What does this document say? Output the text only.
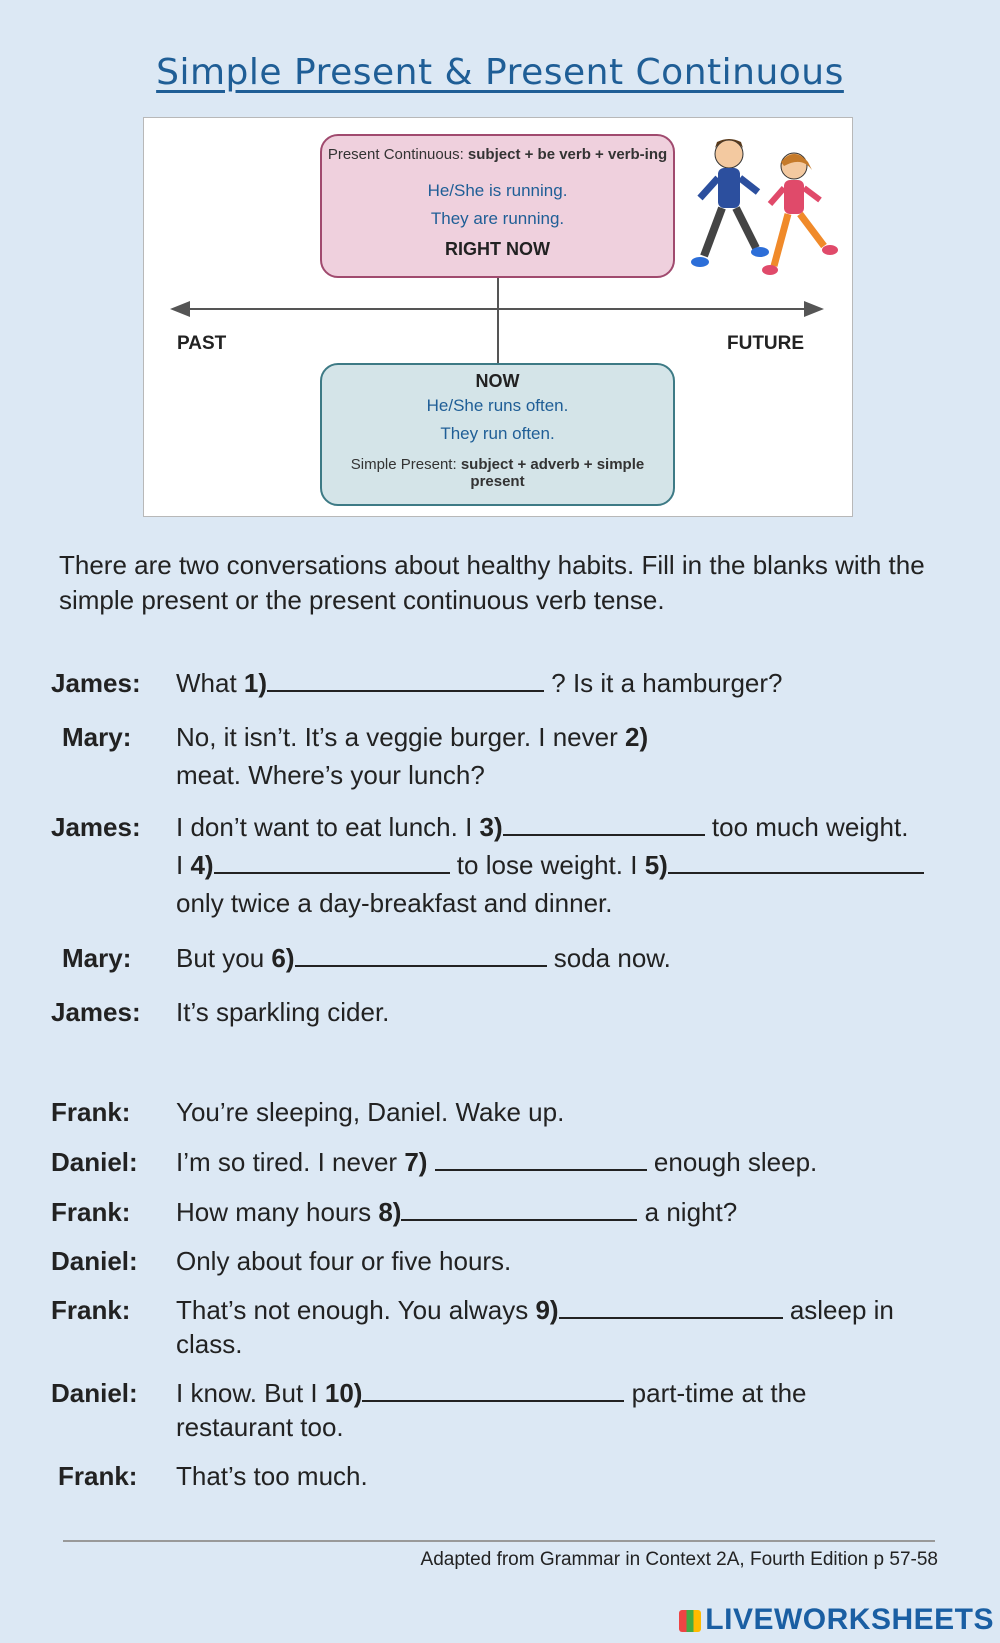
Simple Present & Present Continuous
Present Continuous: subject + be verb + verb-ing
He/She is running.
They are running.
RIGHT NOW
PAST	FUTURE
NOW
He/She runs often.
They run often.
Simple Present: subject + adverb + simple present
There are two conversations about healthy habits. Fill in the blanks with the simple present or the present continuous verb tense.
James: What 1)	? Is it a hamburger?
Mary: No, it isn’t. It’s a veggie burger. I never 2)
meat. Where’s your lunch?
James: I don’t want to eat lunch. I 3)	too much weight.
I 4)	to lose weight. I 5)
only twice a day-breakfast and dinner.
Mary: But you 6)	soda now.
James: It’s sparkling cider.
Frank: You’re sleeping, Daniel. Wake up.
Daniel: I’m so tired. I never 7)	enough sleep.
Frank: How many hours 8)	a night?
Daniel: Only about four or five hours.
Frank: That’s not enough. You always 9)	asleep in
class.
Daniel: I know. But I 10)	part-time at the
restaurant too.
Frank: That’s too much.
Adapted from Grammar in Context 2A, Fourth Edition p 57-58
LIVEWORKSHEETS
